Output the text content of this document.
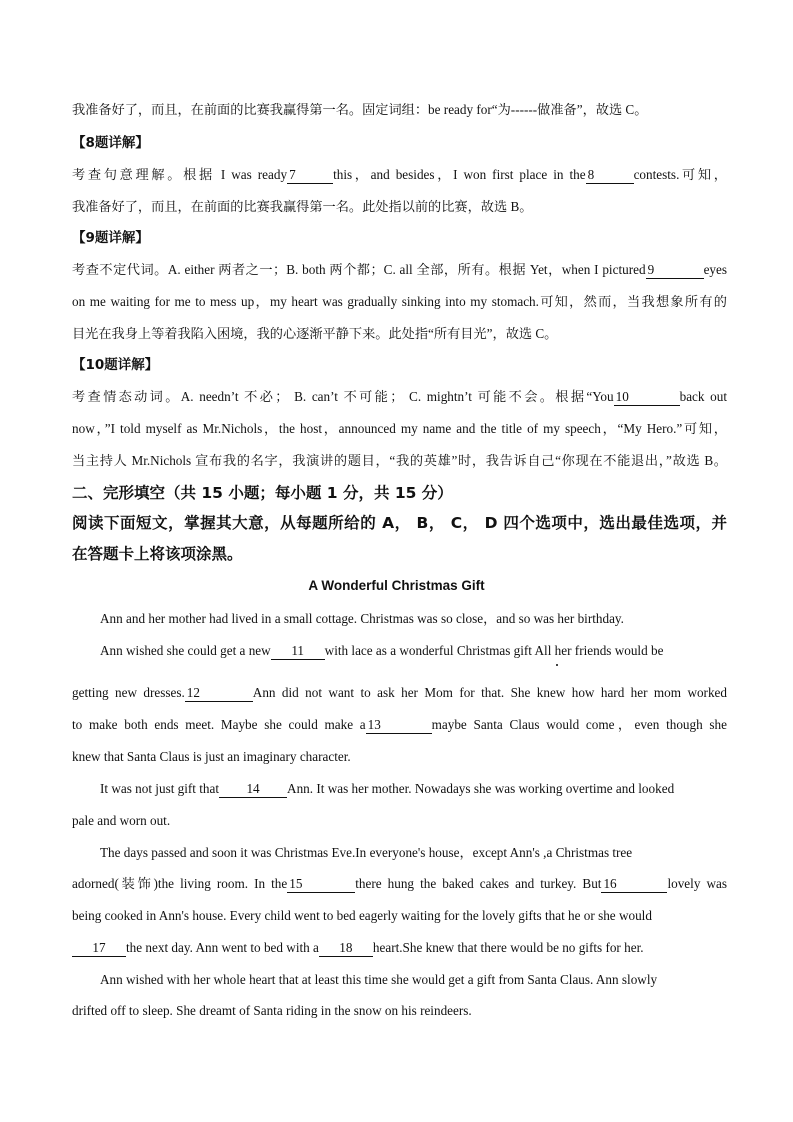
我准备好了，而且，在前面的比赛我赢得第一名。固定词组：be ready for“为------做准备”，故选 C。
【8题详解】
考查句意理解。根据 I was ready 7	this，and besides，I won first place in the 8	contests.可知，
我准备好了，而且，在前面的比赛我赢得第一名。此处指以前的比赛，故选 B。
【9题详解】
考查不定代词。A. either 两者之一；B. both 两个都；C. all 全部，所有。根据 Yet，when I pictured 9	eyes
on me waiting for me to mess up，my heart was gradually sinking into my stomach.可知，然而，当我想象所有的
目光在我身上等着我陷入困境，我的心逐渐平静下来。此处指“所有目光”，故选 C。
【10题详解】
考查情态动词。A. needn’t 不必； B. can’t 不可能； C. mightn’t 可能不会。根据“You 10	back out
now，”I told myself as Mr.Nichols，the host，announced my name and the title of my speech，“My Hero.”可知，
当主持人 Mr.Nichols 宣布我的名字，我演讲的题目，“我的英雄”时，我告诉自己“你现在不能退出，”故选 B。
二、完形填空（共 15 小题；每小题 1 分，共 15 分）
阅读下面短文，掌握其大意，从每题所给的 A， B， C， D 四个选项中，选出最佳选项，并
在答题卡上将该项涂黑。
A Wonderful Christmas Gift
Ann and her mother had lived in a small cottage. Christmas was so close，and so was her birthday.
Ann wished she could get a new 11 with lace as a wonderful Christmas gift All her friends would be
getting new dresses. 12	Ann did not want to ask her Mom for that. She knew how hard her mom worked
to make both ends meet. Maybe she could make a 13	maybe Santa Claus would come，even though she
knew that Santa Claus is just an imaginary character.
It was not just gift that 14 Ann. It was her mother. Nowadays she was working overtime and looked
pale and worn out.
The days passed and soon it was Christmas Eve.In everyone's house，except Ann's ,a Christmas tree
adorned(装饰)the living room. In the 15	there hung the baked cakes and turkey. But 16	lovely was
being cooked in Ann's house. Every child went to bed eagerly waiting for the lovely gifts that he or she would
17 the next day. Ann went to bed with a 18 heart.She knew that there would be no gifts for her.
Ann wished with her whole heart that at least this time she would get a gift from Santa Claus. Ann slowly
drifted off to sleep. She dreamt of Santa riding in the snow on his reindeers.
